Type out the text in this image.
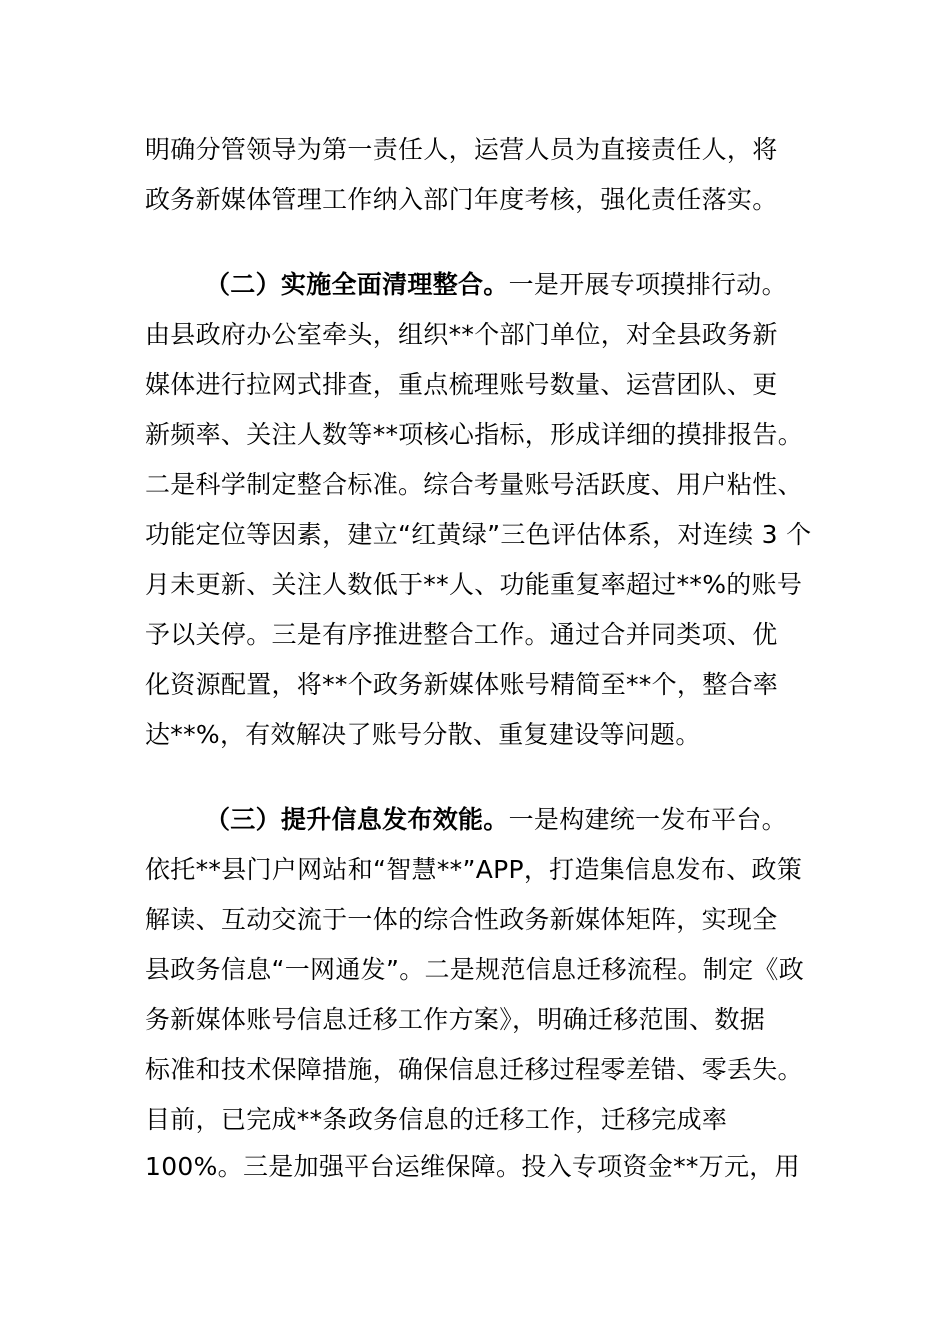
明确分管领导为第一责任人，运营人员为直接责任人，将
政务新媒体管理工作纳入部门年度考核，强化责任落实。
（二）实施全面清理整合。一是开展专项摸排行动。
由县政府办公室牵头，组织**个部门单位，对全县政务新
媒体进行拉网式排查，重点梳理账号数量、运营团队、更
新频率、关注人数等**项核心指标，形成详细的摸排报告。
二是科学制定整合标准。综合考量账号活跃度、用户粘性、
功能定位等因素，建立“红黄绿”三色评估体系，对连续 3 个
月未更新、关注人数低于**人、功能重复率超过**%的账号
予以关停。三是有序推进整合工作。通过合并同类项、优
化资源配置，将**个政务新媒体账号精简至**个，整合率
达**%，有效解决了账号分散、重复建设等问题。
（三）提升信息发布效能。一是构建统一发布平台。
依托**县门户网站和“智慧**”APP，打造集信息发布、政策
解读、互动交流于一体的综合性政务新媒体矩阵，实现全
县政务信息“一网通发”。二是规范信息迁移流程。制定《政
务新媒体账号信息迁移工作方案》，明确迁移范围、数据
标准和技术保障措施，确保信息迁移过程零差错、零丢失。
目前，已完成**条政务信息的迁移工作，迁移完成率
100%。三是加强平台运维保障。投入专项资金**万元，用
